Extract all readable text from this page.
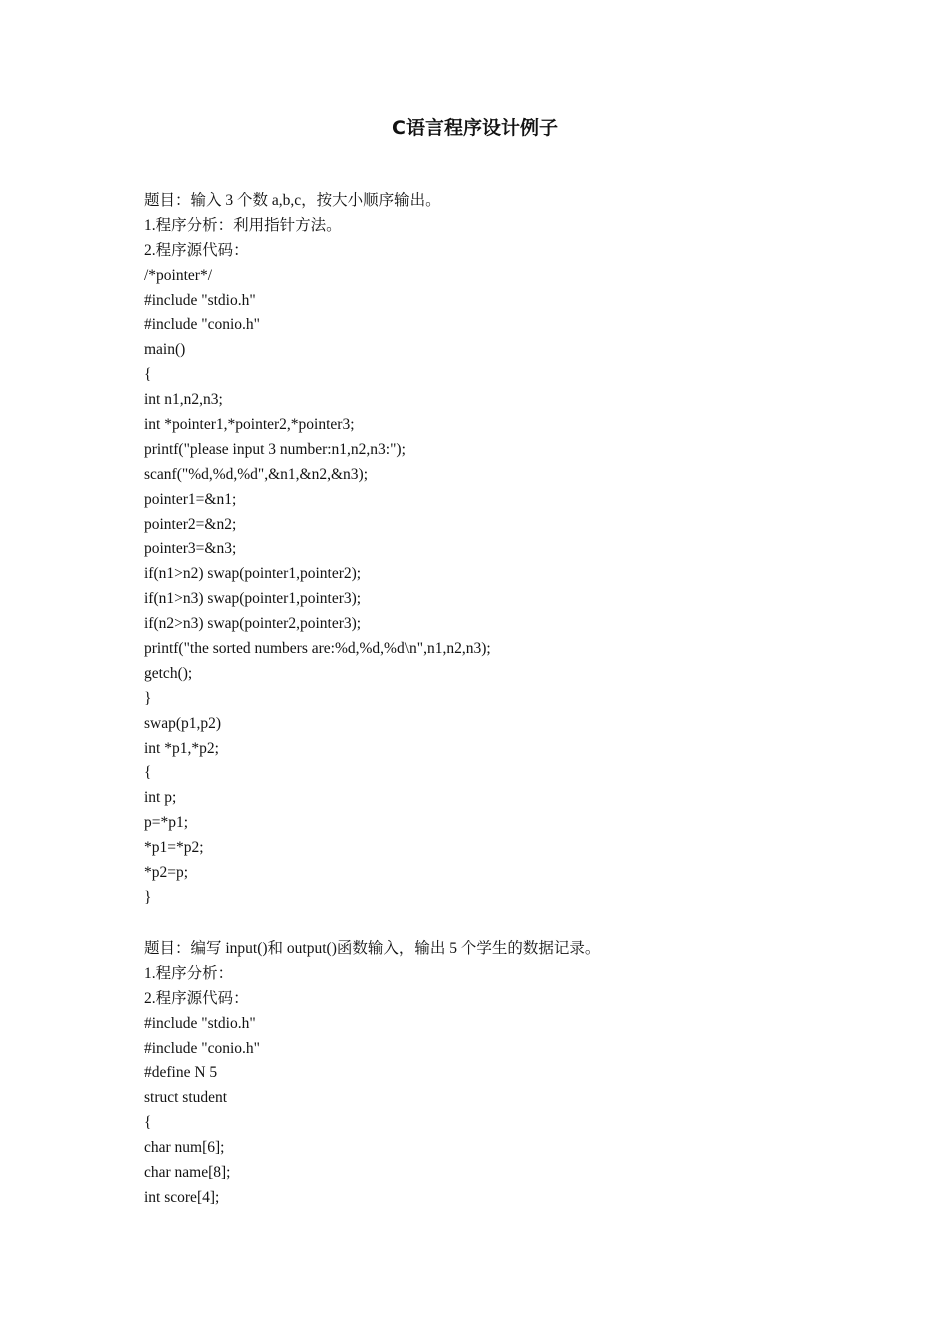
C语言程序设计例子
题目：输入 3 个数 a,b,c，按大小顺序输出。
1.程序分析：利用指针方法。
2.程序源代码：
/*pointer*/
#include "stdio.h"
#include "conio.h"
main()
{
int n1,n2,n3;
int *pointer1,*pointer2,*pointer3;
printf("please input 3 number:n1,n2,n3:");
scanf("%d,%d,%d",&n1,&n2,&n3);
pointer1=&n1;
pointer2=&n2;
pointer3=&n3;
if(n1>n2) swap(pointer1,pointer2);
if(n1>n3) swap(pointer1,pointer3);
if(n2>n3) swap(pointer2,pointer3);
printf("the sorted numbers are:%d,%d,%d\n",n1,n2,n3);
getch();
}
swap(p1,p2)
int *p1,*p2;
{
int p;
p=*p1;
*p1=*p2;
*p2=p;
}
题目：编写 input()和 output()函数输入，输出 5 个学生的数据记录。
1.程序分析：
2.程序源代码：
#include "stdio.h"
#include "conio.h"
#define N 5
struct student
{
char num[6];
char name[8];
int score[4];
